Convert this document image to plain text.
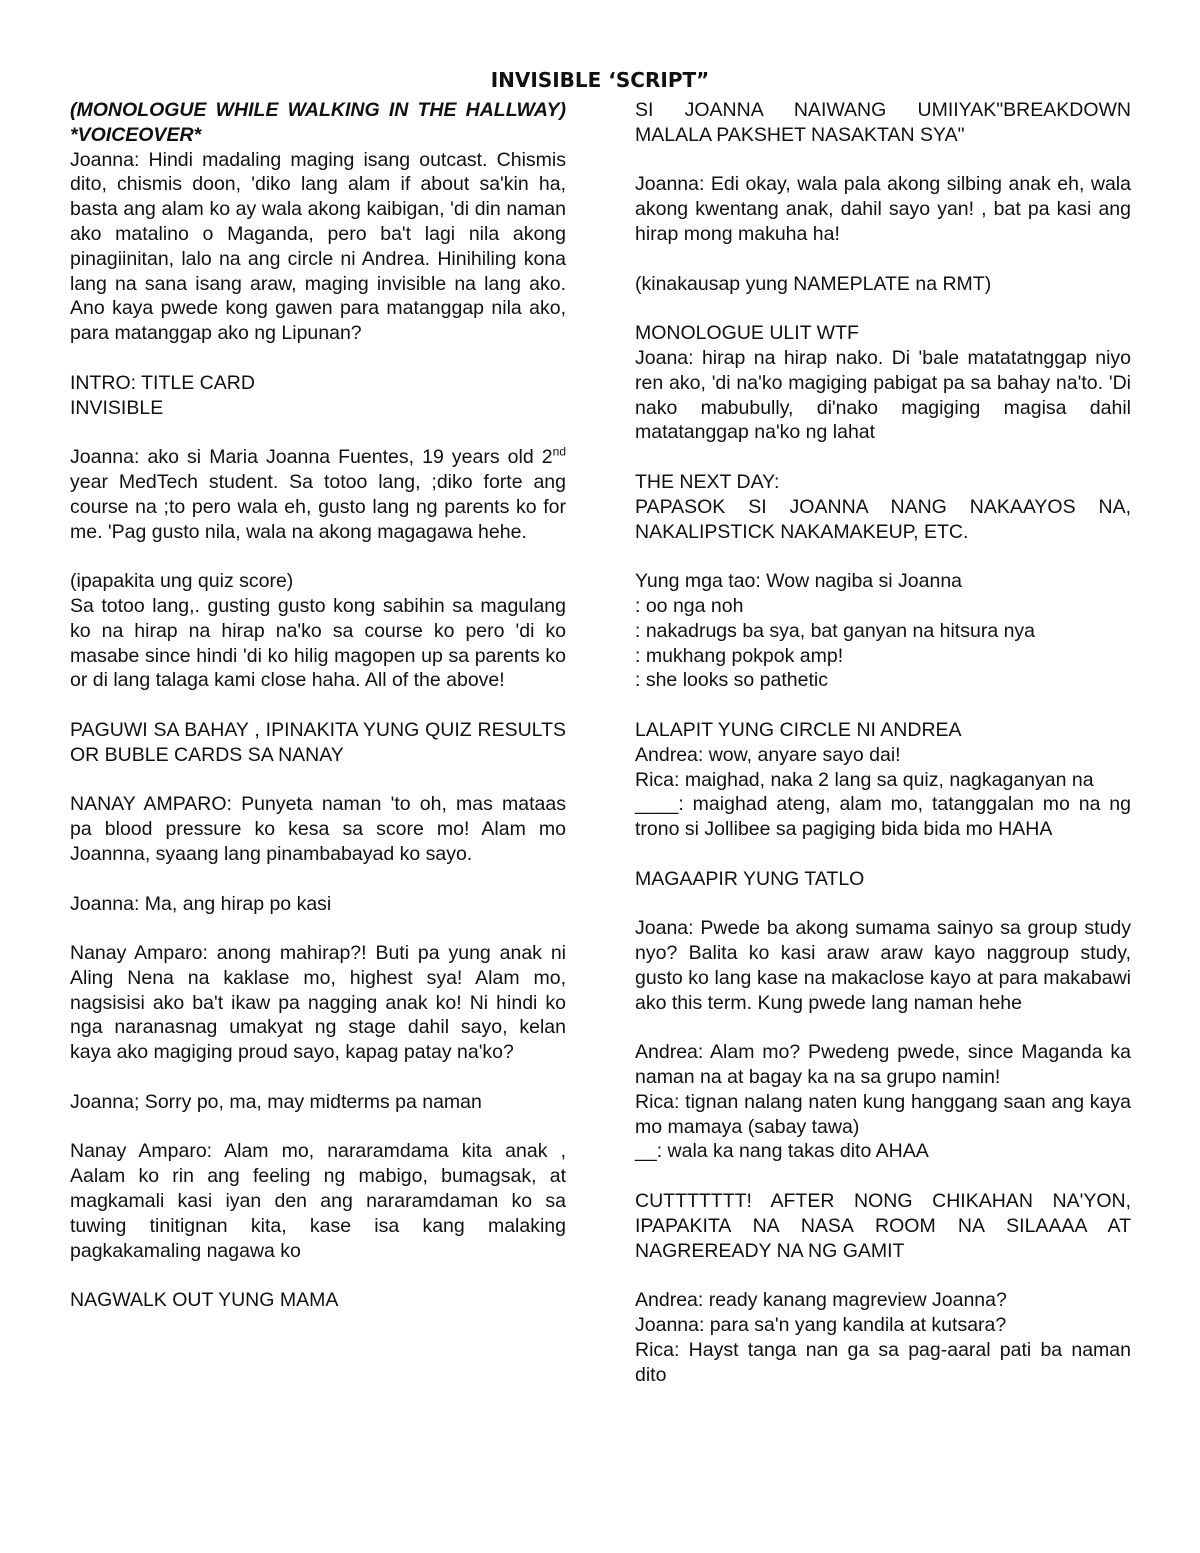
INVISIBLE ‘SCRIPT”

(MONOLOGUE WHILE WALKING IN THE HALLWAY) *VOICEOVER*

Joanna: Hindi madaling maging isang outcast. Chismis dito, chismis doon, 'diko lang alam if about sa'kin ha, basta ang alam ko ay wala akong kaibigan, 'di din naman ako matalino o Maganda, pero ba't lagi nila akong pinagiinitan, lalo na ang circle ni Andrea. Hinihiling kona lang na sana isang araw, maging invisible na lang ako. Ano kaya pwede kong gawen para matanggap nila ako, para matanggap ako ng Lipunan?

INTRO: TITLE CARD

INVISIBLE

Joanna: ako si Maria Joanna Fuentes, 19 years old 2nd year MedTech student. Sa totoo lang, ;diko forte ang course na ;to pero wala eh, gusto lang ng parents ko for me. 'Pag gusto nila, wala na akong magagawa hehe.

(ipapakita ung quiz score)

Sa totoo lang,. gusting gusto kong sabihin sa magulang ko na hirap na hirap na'ko sa course ko pero 'di ko masabe since hindi 'di ko hilig magopen up sa parents ko or di lang talaga kami close haha. All of the above!

PAGUWI SA BAHAY , IPINAKITA YUNG QUIZ RESULTS OR BUBLE CARDS SA NANAY

NANAY AMPARO: Punyeta naman 'to oh, mas mataas pa blood pressure ko kesa sa score mo! Alam mo Joannna, syaang lang pinambabayad ko sayo.

Joanna: Ma, ang hirap po kasi

Nanay Amparo: anong mahirap?! Buti pa yung anak ni Aling Nena na kaklase mo, highest sya! Alam mo, nagsisisi ako ba't ikaw pa nagging anak ko! Ni hindi ko nga naranasnag umakyat ng stage dahil sayo, kelan kaya ako magiging proud sayo, kapag patay na'ko?

Joanna; Sorry po, ma, may midterms pa naman

Nanay Amparo: Alam mo, nararamdama kita anak , Aalam ko rin ang feeling ng mabigo, bumagsak, at magkamali kasi iyan den ang nararamdaman ko sa tuwing tinitignan kita, kase isa kang malaking pagkakamaling nagawa ko

NAGWALK OUT YUNG MAMA

SI JOANNA NAIWANG UMIIYAK"BREAKDOWN MALALA PAKSHET NASAKTAN SYA"

Joanna: Edi okay, wala pala akong silbing anak eh, wala akong kwentang anak, dahil sayo yan! , bat pa kasi ang hirap mong makuha ha!

(kinakausap yung NAMEPLATE na RMT)

MONOLOGUE ULIT WTF

Joana: hirap na hirap nako. Di 'bale matatatnggap niyo ren ako, 'di na'ko magiging pabigat pa sa bahay na'to. 'Di nako mabubully, di'nako magiging magisa dahil matatanggap na'ko ng lahat

THE NEXT DAY:

PAPASOK SI JOANNA NANG NAKAAYOS NA, NAKALIPSTICK NAKAMAKEUP, ETC.

Yung mga tao: Wow nagiba si Joanna

: oo nga noh

: nakadrugs ba sya, bat ganyan na hitsura nya

: mukhang pokpok amp!

: she looks so pathetic

LALAPIT YUNG CIRCLE NI ANDREA

Andrea: wow, anyare sayo dai!

Rica: maighad, naka 2 lang sa quiz, nagkaganyan na

____: maighad ateng, alam mo, tatanggalan mo na ng trono si Jollibee sa pagiging bida bida mo HAHA

MAGAAPIR YUNG TATLO

Joana: Pwede ba akong sumama sainyo sa group study nyo? Balita ko kasi araw araw kayo naggroup study, gusto ko lang kase na makaclose kayo at para makabawi ako this term. Kung pwede lang naman hehe

Andrea: Alam mo? Pwedeng pwede, since Maganda ka naman na at bagay ka na sa grupo namin!

Rica: tignan nalang naten kung hanggang saan ang kaya mo mamaya (sabay tawa)

__: wala ka nang takas dito AHAA

CUTTTTTTT! AFTER NONG CHIKAHAN NA'YON, IPAPAKITA NA NASA ROOM NA SILAAAA AT NAGREREADY NA NG GAMIT

Andrea: ready kanang magreview Joanna?

Joanna: para sa'n yang kandila at kutsara?

Rica: Hayst tanga nan ga sa pag-aaral pati ba naman dito
